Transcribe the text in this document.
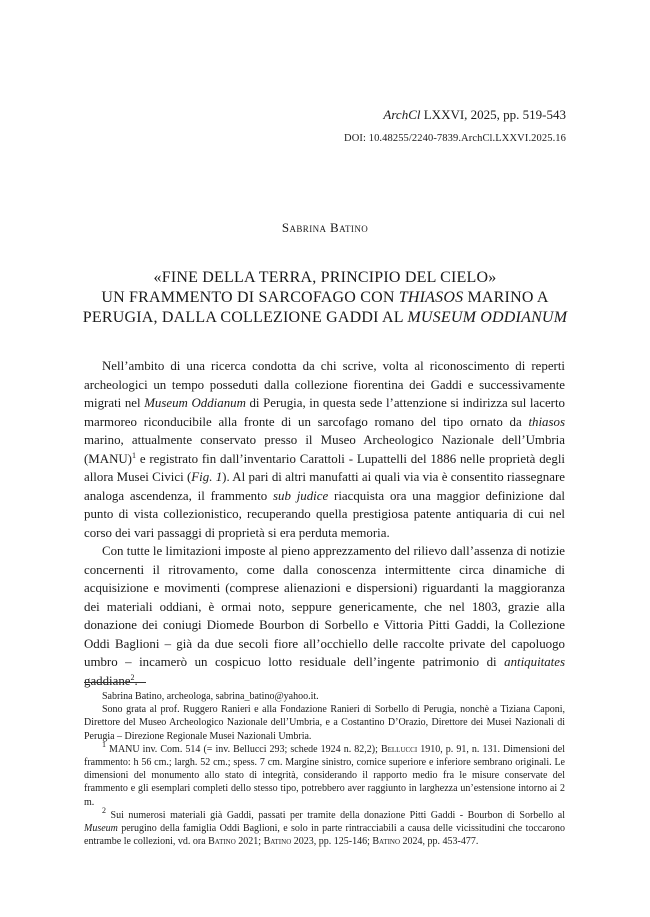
ArchCl LXXVI, 2025, pp. 519-543
DOI: 10.48255/2240-7839.ArchCl.LXXVI.2025.16
Sabrina Batino
«FINE DELLA TERRA, PRINCIPIO DEL CIELO»
UN FRAMMENTO DI SARCOFAGO CON THIASOS MARINO A
PERUGIA, DALLA COLLEZIONE GADDI AL MUSEUM ODDIANUM

Nell’ambito di una ricerca condotta da chi scrive, volta al riconoscimento di reperti archeologici un tempo posseduti dalla collezione fiorentina dei Gaddi e successivamente migrati nel Museum Oddianum di Perugia, in questa sede l’attenzione si indirizza sul lacerto marmoreo riconducibile alla fronte di un sarcofago romano del tipo ornato da thiasos marino, attualmente conservato presso il Museo Archeologico Nazionale dell’Umbria (MANU)$^1$ e registrato fin dall’inventario Carattoli - Lupattelli del 1886 nelle proprietà degli allora Musei Civici (Fig. 1). Al pari di altri manufatti ai quali via via è consentito riassegnare analoga ascendenza, il frammento sub judice riacquista ora una maggior definizione dal punto di vista collezionistico, recuperando quella prestigiosa patente antiquaria di cui nel corso dei vari passaggi di proprietà si era perduta memoria.

Con tutte le limitazioni imposte al pieno apprezzamento del rilievo dall’assenza di notizie concernenti il ritrovamento, come dalla conoscenza intermittente circa dinamiche di acquisizione e movimenti (comprese alienazioni e dispersioni) riguardanti la maggioranza dei materiali oddiani, è ormai noto, seppure genericamente, che nel 1803, grazie alla donazione dei coniugi Diomede Bourbon di Sorbello e Vittoria Pitti Gaddi, la Collezione Oddi Baglioni – già da due secoli fiore all’occhiello delle raccolte private del capoluogo umbro – incamerò un cospicuo lotto residuale dell’ingente patrimonio di antiquitates gaddiane$^2$.

Sabrina Batino, archeologa, sabrina_batino@yahoo.it.

Sono grata al prof. Ruggero Ranieri e alla Fondazione Ranieri di Sorbello di Perugia, nonchè a Tiziana Caponi, Direttore del Museo Archeologico Nazionale dell’Umbria, e a Costantino D’Orazio, Direttore dei Musei Nazionali di Perugia – Direzione Regionale Musei Nazionali Umbria.

$^1$ MANU inv. Com. 514 (= inv. Bellucci 293; schede 1924 n. 82,2); Bellucci 1910, p. 91, n. 131. Dimensioni del frammento: h 56 cm.; largh. 52 cm.; spess. 7 cm. Margine sinistro, cornice superiore e inferiore sembrano originali. Le dimensioni del monumento allo stato di integrità, considerando il rapporto medio fra le misure conservate del frammento e gli esemplari completi dello stesso tipo, potrebbero aver raggiunto in larghezza un’estensione intorno ai 2 m.

$^2$ Sui numerosi materiali già Gaddi, passati per tramite della donazione Pitti Gaddi - Bourbon di Sorbello al Museum perugino della famiglia Oddi Baglioni, e solo in parte rintracciabili a causa delle vicissitudini che toccarono entrambe le collezioni, vd. ora Batino 2021; Batino 2023, pp. 125-146; Batino 2024, pp. 453-477.
